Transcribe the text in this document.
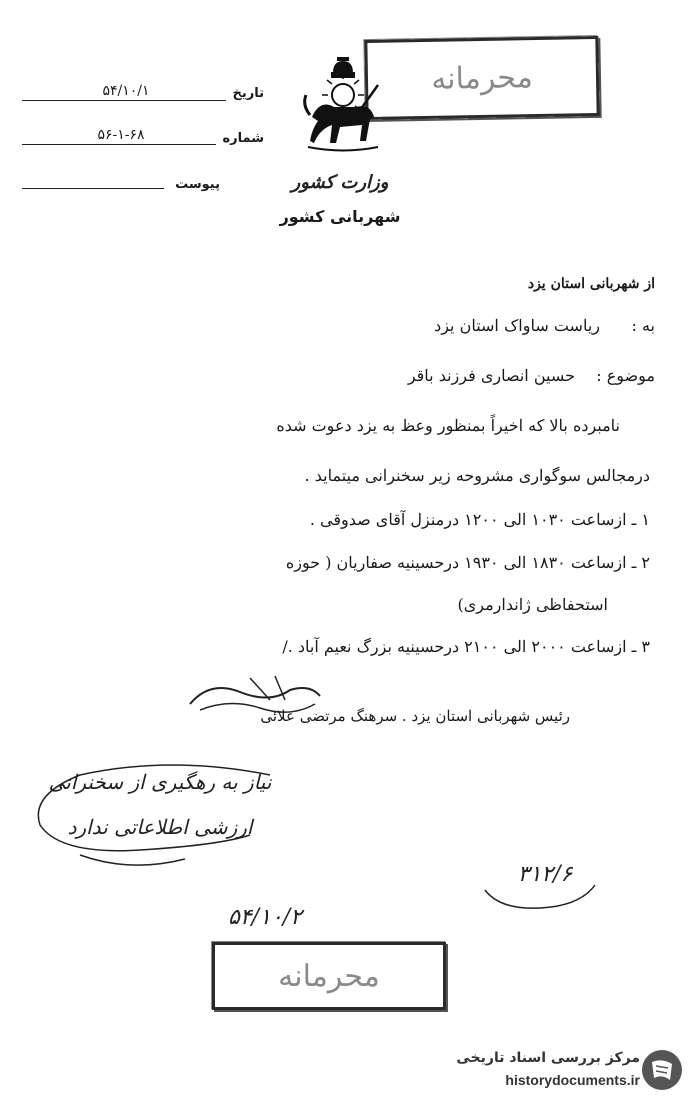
محرمانه
تاریخ
۵۴/۱۰/۱
شماره
۵۶-۱-۶۸
پیوست	وزارت کشور
شهربانی کشور
از شهربانی استان یزد
به :
ریاست ساواک استان یزد
موضوع :
حسین انصاری فرزند باقر
نامبرده بالا که اخیراً بمنظور وعظ به یزد دعوت شده
درمجالس سوگواری مشروحه زیر سخنرانی میتماید .
۱ ـ ازساعت ۱۰۳۰ الی ۱۲۰۰ درمنزل آقای صدوقی .
۲ ـ ازساعت ۱۸۳۰ الی ۱۹۳۰ درحسینیه صفاریان ( حوزه
استحفاظی ژاندارمری)
۳ ـ ازساعت ۲۰۰۰ الی ۲۱۰۰ درحسینیه بزرگ نعیم آباد ./
رئیس شهربانی استان یزد . سرهنگ مرتضی علائی
نیاز به رهگیری از سخنرانی
ارزشی اطلاعاتی ندارد
۳۱۲/۶
۵۴/۱۰/۲
محرمانه
مرکز بررسی اسناد تاریخی
historydocuments.ir
